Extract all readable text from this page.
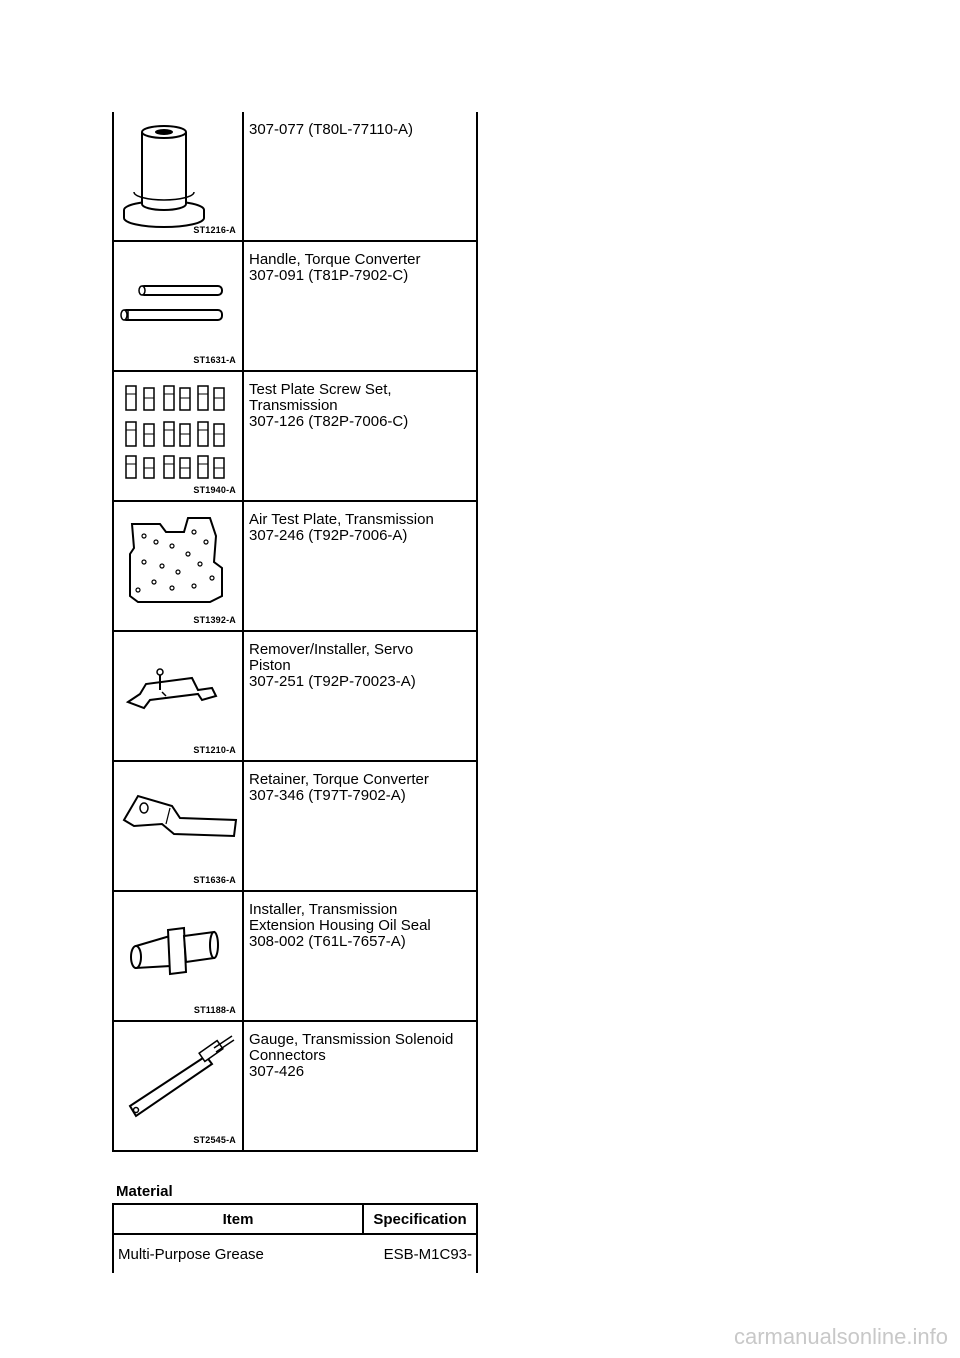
ST1216-A	307-077 (T80L-77110-A)

ST1631-A	Handle, Torque Converter
307-091 (T81P-7902-C)

ST1940-A	Test Plate Screw Set,
Transmission
307-126 (T82P-7006-C)

ST1392-A	Air Test Plate, Transmission
307-246 (T92P-7006-A)

ST1210-A	Remover/Installer, Servo
Piston
307-251 (T92P-70023-A)

ST1636-A	Retainer, Torque Converter
307-346 (T97T-7902-A)

ST1188-A	Installer, Transmission
Extension Housing Oil Seal
308-002 (T61L-7657-A)

ST2545-A	Gauge, Transmission Solenoid
Connectors
307-426
Material
Item	Specification
Multi-Purpose Grease	ESB-M1C93-
carmanualsonline.info
